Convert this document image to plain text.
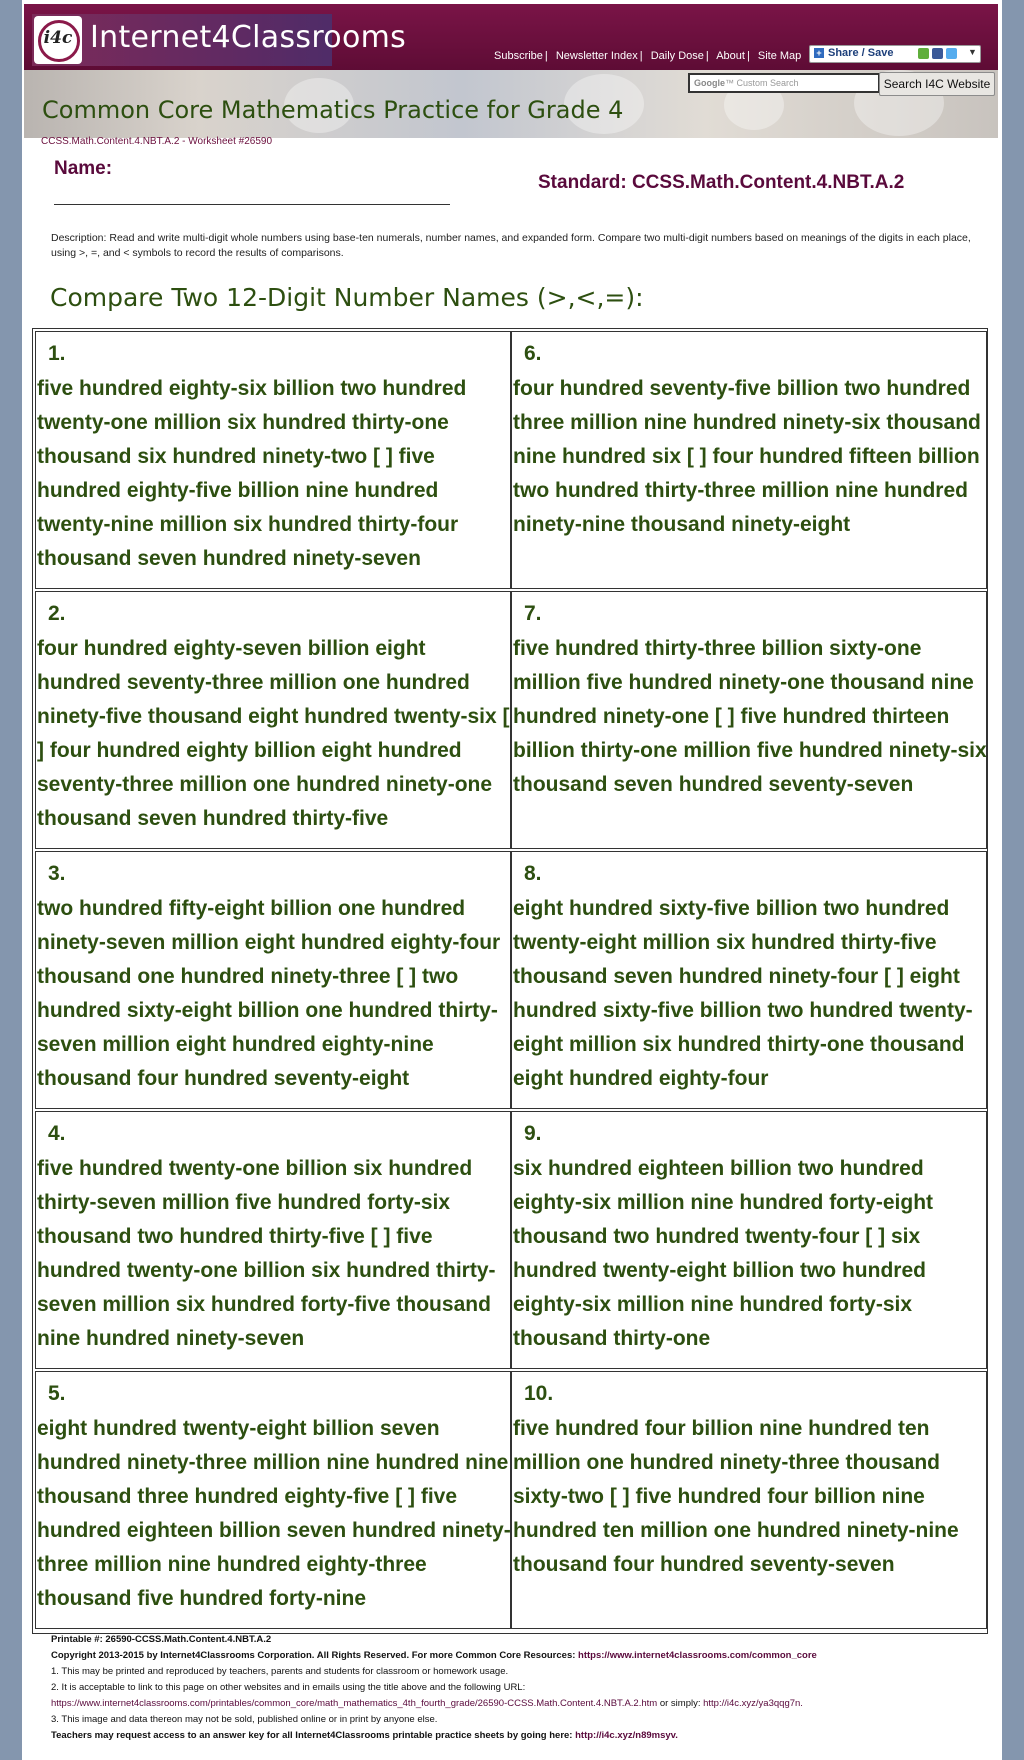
i4c Internet4Classrooms
Subscribe | Newsletter Index | Daily Dose | About | Site Map + Share / Save	▼
Google™ Custom Search	Search I4C Website
Common Core Mathematics Practice for Grade 4
CCSS.Math.Content.4.NBT.A.2 - Worksheet #26590
Name:
Standard: CCSS.Math.Content.4.NBT.A.2
Description: Read and write multi-digit whole numbers using base-ten numerals, number names, and expanded form. Compare two multi-digit numbers based on meanings of the digits in each place, using >, =, and < symbols to record the results of comparisons.
Compare Two 12-Digit Number Names (>,<,=):
1.
five hundred eighty-six billion two hundred twenty-one million six hundred thirty-one thousand six hundred ninety-two [ ] five hundred eighty-five billion nine hundred twenty-nine million six hundred thirty-four thousand seven hundred ninety-seven
6.
four hundred seventy-five billion two hundred three million nine hundred ninety-six thousand nine hundred six [ ] four hundred fifteen billion two hundred thirty-three million nine hundred ninety-nine thousand ninety-eight
2.
four hundred eighty-seven billion eight hundred seventy-three million one hundred ninety-five thousand eight hundred twenty-six [ ] four hundred eighty billion eight hundred seventy-three million one hundred ninety-one thousand seven hundred thirty-five
7.
five hundred thirty-three billion sixty-one million five hundred ninety-one thousand nine hundred ninety-one [ ] five hundred thirteen billion thirty-one million five hundred ninety-six thousand seven hundred seventy-seven
3.
two hundred fifty-eight billion one hundred ninety-seven million eight hundred eighty-four thousand one hundred ninety-three [ ] two hundred sixty-eight billion one hundred thirty-seven million eight hundred eighty-nine thousand four hundred seventy-eight
8.
eight hundred sixty-five billion two hundred twenty-eight million six hundred thirty-five thousand seven hundred ninety-four [ ] eight hundred sixty-five billion two hundred twenty-eight million six hundred thirty-one thousand eight hundred eighty-four
4.
five hundred twenty-one billion six hundred thirty-seven million five hundred forty-six thousand two hundred thirty-five [ ] five hundred twenty-one billion six hundred thirty-seven million six hundred forty-five thousand nine hundred ninety-seven
9.
six hundred eighteen billion two hundred eighty-six million nine hundred forty-eight thousand two hundred twenty-four [ ] six hundred twenty-eight billion two hundred eighty-six million nine hundred forty-six thousand thirty-one
5.
eight hundred twenty-eight billion seven hundred ninety-three million nine hundred nine thousand three hundred eighty-five [ ] five hundred eighteen billion seven hundred ninety-three million nine hundred eighty-three thousand five hundred forty-nine
10.
five hundred four billion nine hundred ten million one hundred ninety-three thousand sixty-two [ ] five hundred four billion nine hundred ten million one hundred ninety-nine thousand four hundred seventy-seven
Printable #: 26590-CCSS.Math.Content.4.NBT.A.2
Copyright 2013-2015 by Internet4Classrooms Corporation. All Rights Reserved. For more Common Core Resources: https://www.internet4classrooms.com/common_core
1. This may be printed and reproduced by teachers, parents and students for classroom or homework usage.
2. It is acceptable to link to this page on other websites and in emails using the title above and the following URL:
https://www.internet4classrooms.com/printables/common_core/math_mathematics_4th_fourth_grade/26590-CCSS.Math.Content.4.NBT.A.2.htm or simply: http://i4c.xyz/ya3qqg7n.
3. This image and data thereon may not be sold, published online or in print by anyone else.
Teachers may request access to an answer key for all Internet4Classrooms printable practice sheets by going here: http://i4c.xyz/n89msyv.
